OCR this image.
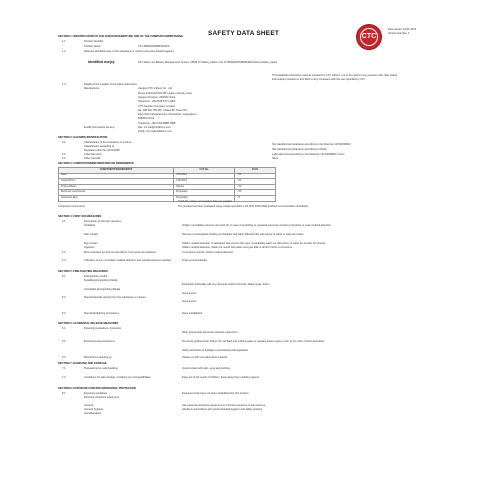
SAFETY DATA SHEET	CTC
Date issued: 01.01.2023
Version Number: 1
SECTION 1: IDENTIFICATION OF THE SUBSTANCE/MIXTURE AND OF THE COMPANY/UNDERTAKING
1.1	Product identifier
Product Name:	CTC-BMS4020/BMS4020S
1.2	Relevant identified uses of the substance or mixture and uses advised against
Identified use(s):	DC Lithium-ion Battery Management System / BMS for battery packs; only for BMS4020S/BMS4020 Series battery packs
This Datasheet should be used as supplied by CTC Lithium; not to be used for any purpose other than stated
information provided on this SDS is only consistent with the use specified by CTC
1.3	Details of the supplier of the safety data sheet
Manufacturer:	Jiangsu CTC Lithium Co., Ltd.
Zhuye Industrial Park 88, Huaxin Industry Area
Jiangsu Province, 226000 China
Telephone: +86 0513 8771 1000
CTC Supplier Company Limited
No. 188 ZHI XIN RD., Phase 3F, Tower Rd.
High-Tech Industrial Area, Zhongshan, Guangdong
528400 China
Telephone: +86 0760 8888 1688
E-Mail (competent person):	Fax: ctc.sds@ctclithium.com
info@: ctc.cs@ctclithium.com
SECTION 2: HAZARDS IDENTIFICATION
2.1	Classification of the substance or mixture
Classification according to
Regulation (EC) No 1272/2008
Not classified as hazardous according to the Directive 1272/2008/EC
Not classified as hazardous according to OSHA
2.2	Label elements	Label elements according to the Directive 1272/2008/EC: None
2.3	Other hazards	None
SECTION 3: COMPOSITION/INFORMATION ON INGREDIENTS
COMPONENT/INGREDIENTS	CAS No.	EC/%
Steel	7439-89-6	<60
Copper/Ni-Fe	7440-50-8	<20
Polymer/Resin	Various	<10
Electronic components	Proprietary	<10
Aluminium alloy	Proprietary	<5
*CAS No. varies; composition data per supplier
Component Comments:	The product has been evaluated using criteria specified in 29 CFR 1910.1200 (Hazard Communication Standard)
SECTION 4: FIRST AID MEASURES
4.1	Description of first aid measures
Inhalation	Inhale: Immediately remove into fresh air. In case of persisting or repeated exposure consult a physician or seek medical attention
Skin contact	Remove contaminated clothing immediately and wash affected skin with plenty of water or soap and water
Eye contact	Obtain medical attention; if substance has got into the eyes, immediately wash out with plenty of water for at least 15 minutes
Ingestion	Obtain medical attention. Wash out mouth with water and give little to drink if victim is conscious
4.2	Most important symptoms and effects, both acute and delayed	If symptoms persist, obtain medical attention
4.3	Indication of any immediate medical attention and special treatment needed	Treat symptomatically
SECTION 5: FIRE-FIGHTING MEASURES
5.1	Extinguishing media
Suitable Extinguishing Media
Extinguish preferably with dry chemical, Carbon Dioxide, Water spray, Foam
Unsuitable Extinguishing Media
None known
5.2	Special hazards arising from the substance or mixture
None known
5.3	Special firefighting procedures	None established
SECTION 6: ACCIDENTAL RELEASE MEASURES
6.1	Personal precautions, protective
Wear appropriate personal protective equipment
6.2	Environmental precautions	Do not let product enter drains. Do not flush into surface water or sanitary sewer system such as by order of local authorities
Notify authorities of spillage in accordance with legislation
6.3	Methods for cleaning up	Sweep up with inert absorbent material
SECTION 7: HANDLING AND STORAGE
7.1	Precautions for safe handling	Avoid contact with skin, eyes and clothing
7.2	Conditions for safe storage, including any incompatibilities	Keep out of the reach of children. Keep away from oxidizing agents
SECTION 8: EXPOSURE CONTROLS/PERSONAL PROTECTION
8.1	Exposure guidelines	Exposure limits have not been established for this product
Personal protective equipment
General	Use personal protective equipment to minimize exposure to skin and eye
General hygiene	Handle in accordance with good industrial hygiene and safety practice
Considerations
